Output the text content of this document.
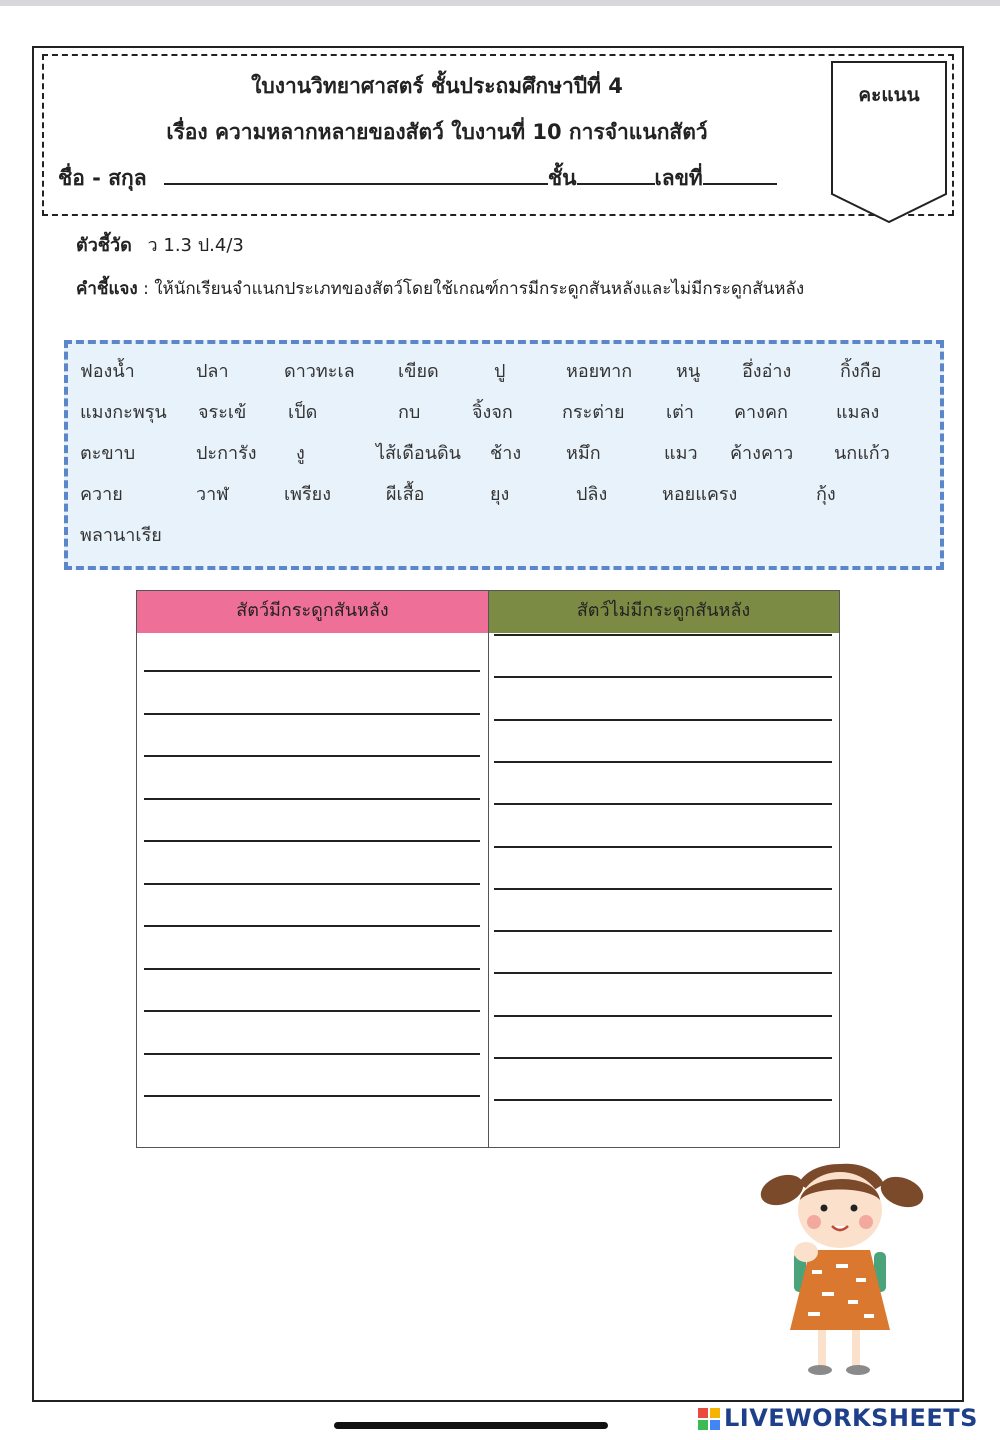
ใบงานวิทยาศาสตร์ ชั้นประถมศึกษาปีที่ 4
เรื่อง ความหลากหลายของสัตว์ ใบงานที่ 10 การจำแนกสัตว์
ชื่อ - สกุล	ชั้น	เลขที่
คะแนน
ตัวชี้วัด ว 1.3 ป.4/3
คำชี้แจง : ให้นักเรียนจำแนกประเภทของสัตว์โดยใช้เกณฑ์การมีกระดูกสันหลังและไม่มีกระดูกสันหลัง
ฟองน้ำ	ปลา	ดาวทะเล เขียด	ปู	หอยทาก หนู อึ่งอ่าง	กิ้งกือ
แมงกะพรุน จระเข้ เป็ด	กบ	จิ้งจก	กระต่าย เต่า คางคก	แมลง
ตะขาบ	ปะการัง งู	ไส้เดือนดิน ช้าง หมึก	แมว ค้างคาว นกแก้ว
ควาย	วาฬ	เพรียง	ผีเสื้อ	ยุง	ปลิง	หอยแครง	กุ้ง
พลานาเรีย
สัตว์มีกระดูกสันหลัง	สัตว์ไม่มีกระดูกสันหลัง
LIVEWORKSHEETS
